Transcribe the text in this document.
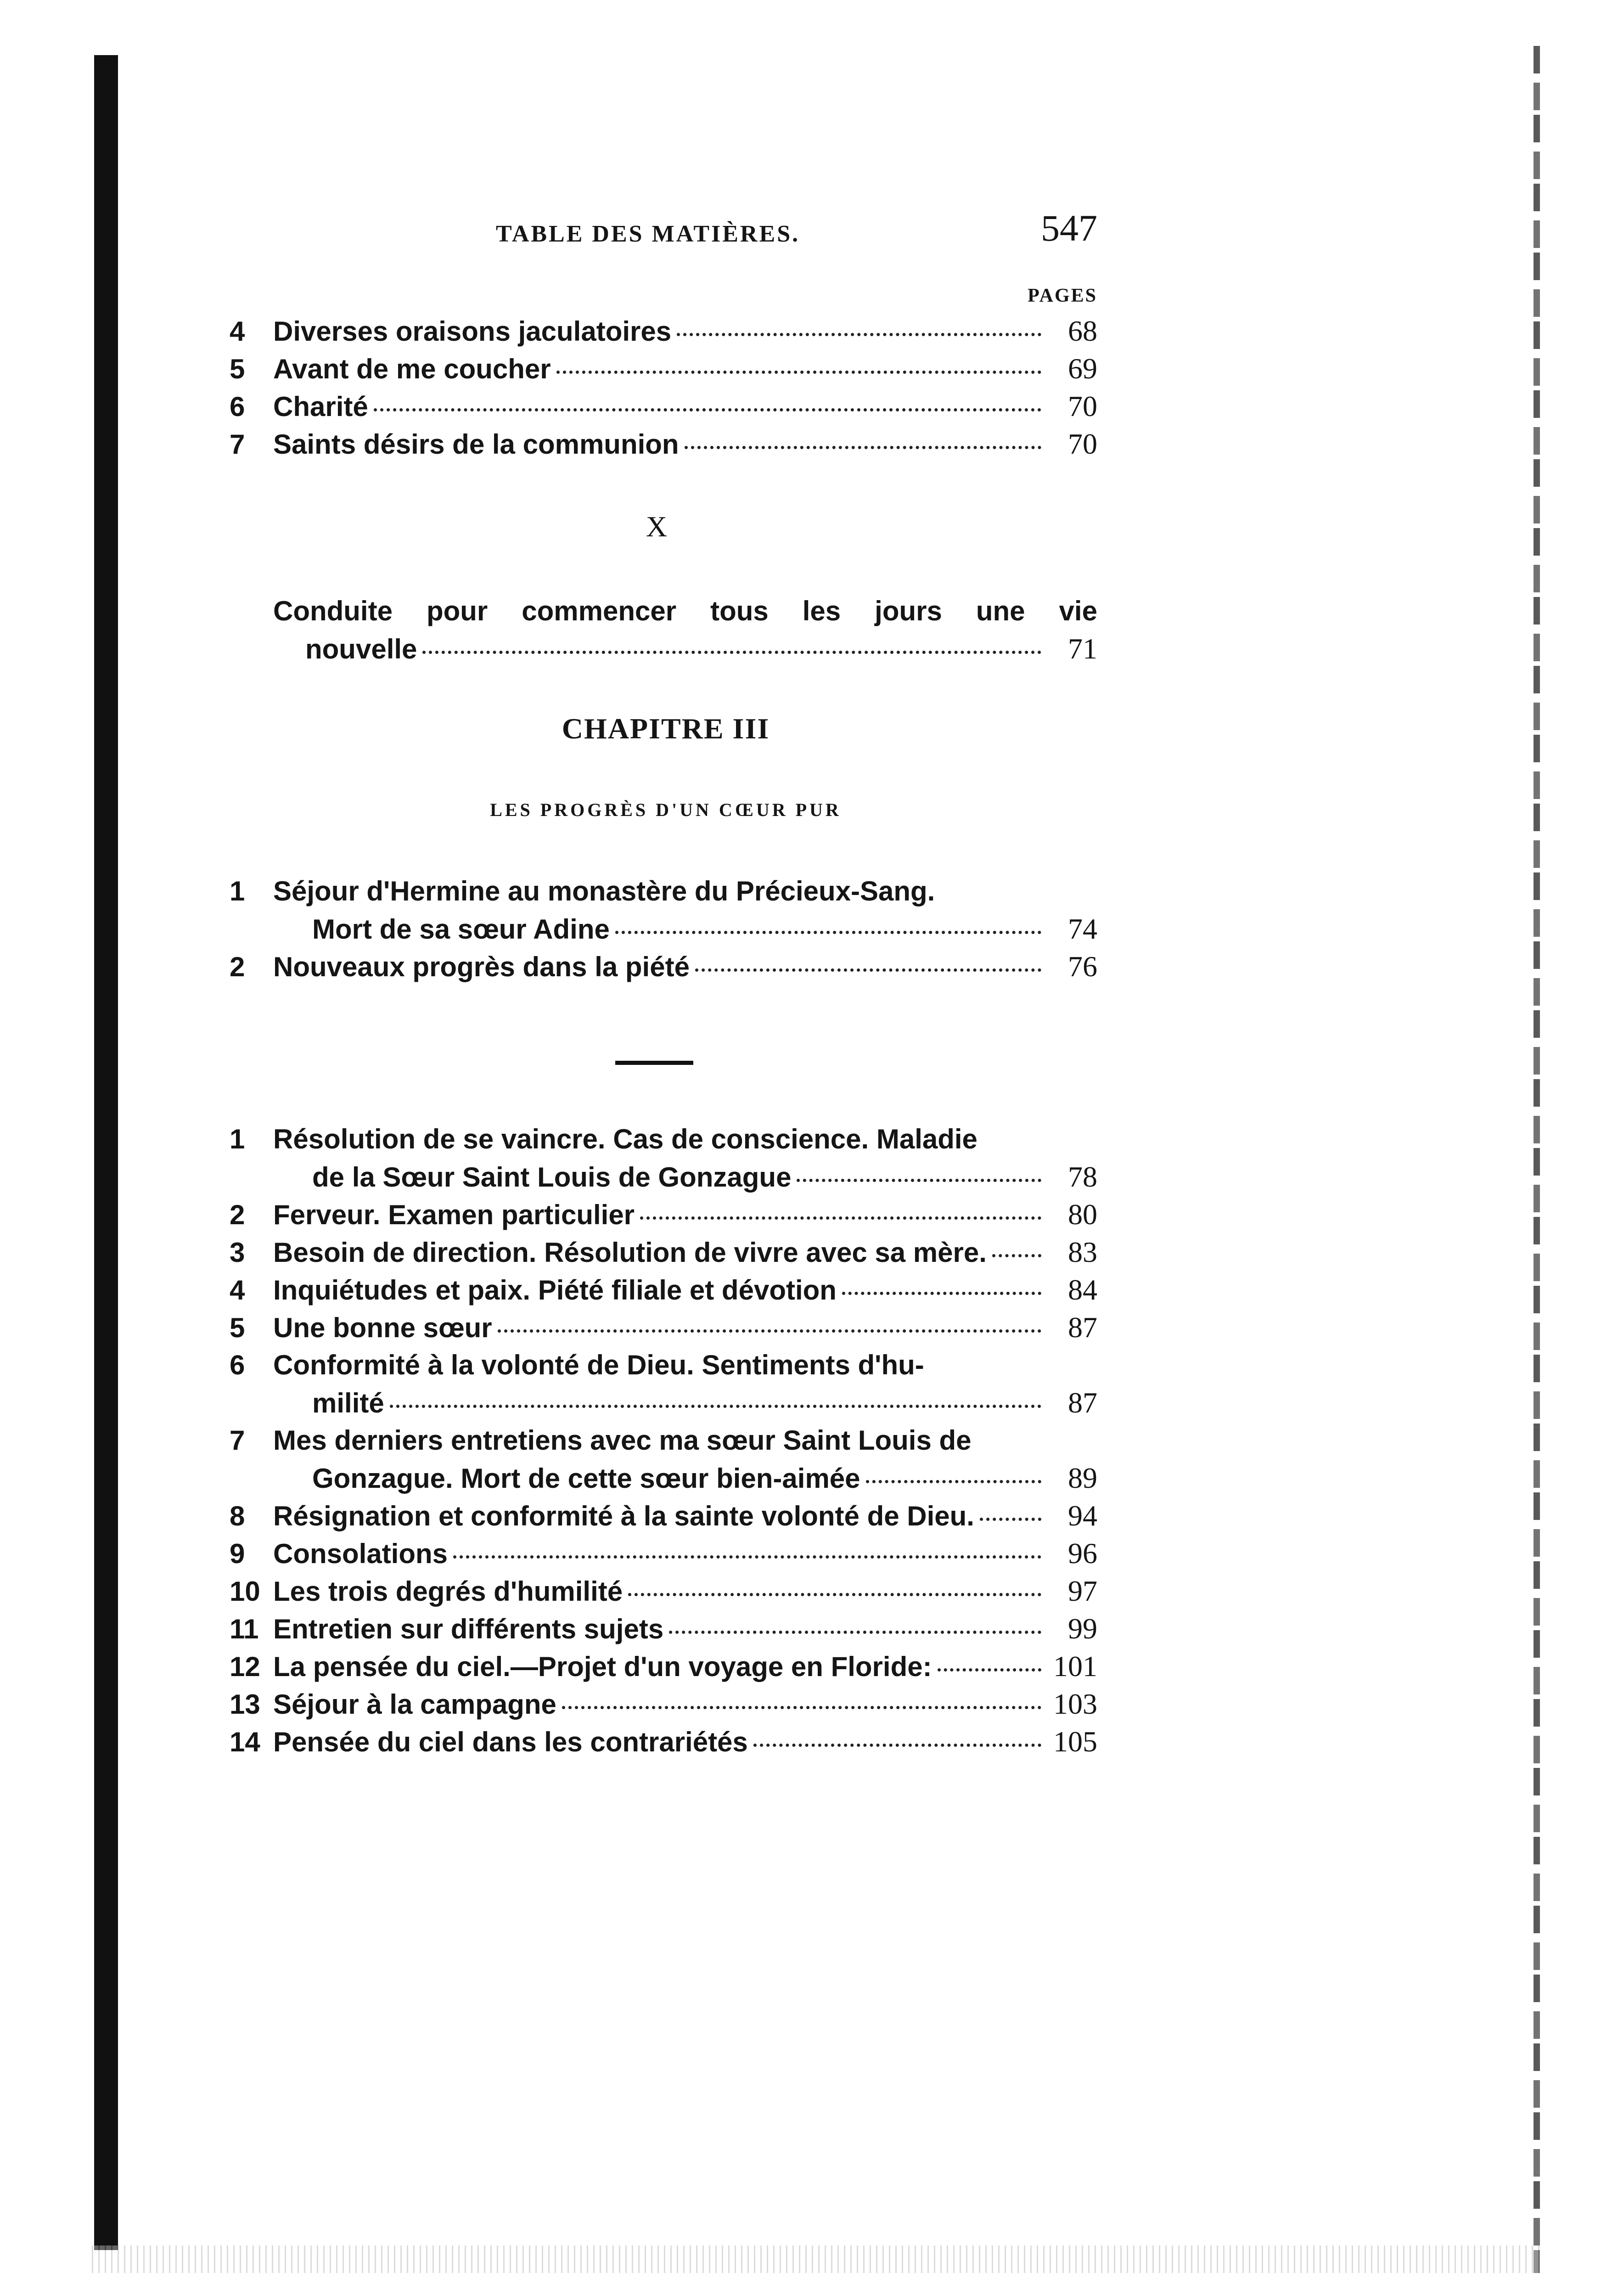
TABLE DES MATIÈRES.	547
PAGES
4	Diverses oraisons jaculatoires	68
5	Avant de me coucher	69
6	Charité	70
7	Saints désirs de la communion	70
X
Conduite pour commencer tous les jours une vie
nouvelle	71
CHAPITRE III
LES PROGRÈS D'UN CŒUR PUR
1	Séjour d'Hermine au monastère du Précieux-Sang.
Mort de sa sœur Adine	74
2	Nouveaux progrès dans la piété	76
1	Résolution de se vaincre. Cas de conscience. Maladie
de la Sœur Saint Louis de Gonzague	78
2	Ferveur. Examen particulier	80
3	Besoin de direction. Résolution de vivre avec sa mère.	83
4	Inquiétudes et paix. Piété filiale et dévotion	84
5	Une bonne sœur	87
6	Conformité à la volonté de Dieu. Sentiments d'hu-
milité	87
7	Mes derniers entretiens avec ma sœur Saint Louis de
Gonzague. Mort de cette sœur bien-aimée	89
8	Résignation et conformité à la sainte volonté de Dieu.	94
9	Consolations	96
10 Les trois degrés d'humilité	97
11 Entretien sur différents sujets	99
12 La pensée du ciel.—Projet d'un voyage en Floride:	101
13 Séjour à la campagne	103
14 Pensée du ciel dans les contrariétés	105
